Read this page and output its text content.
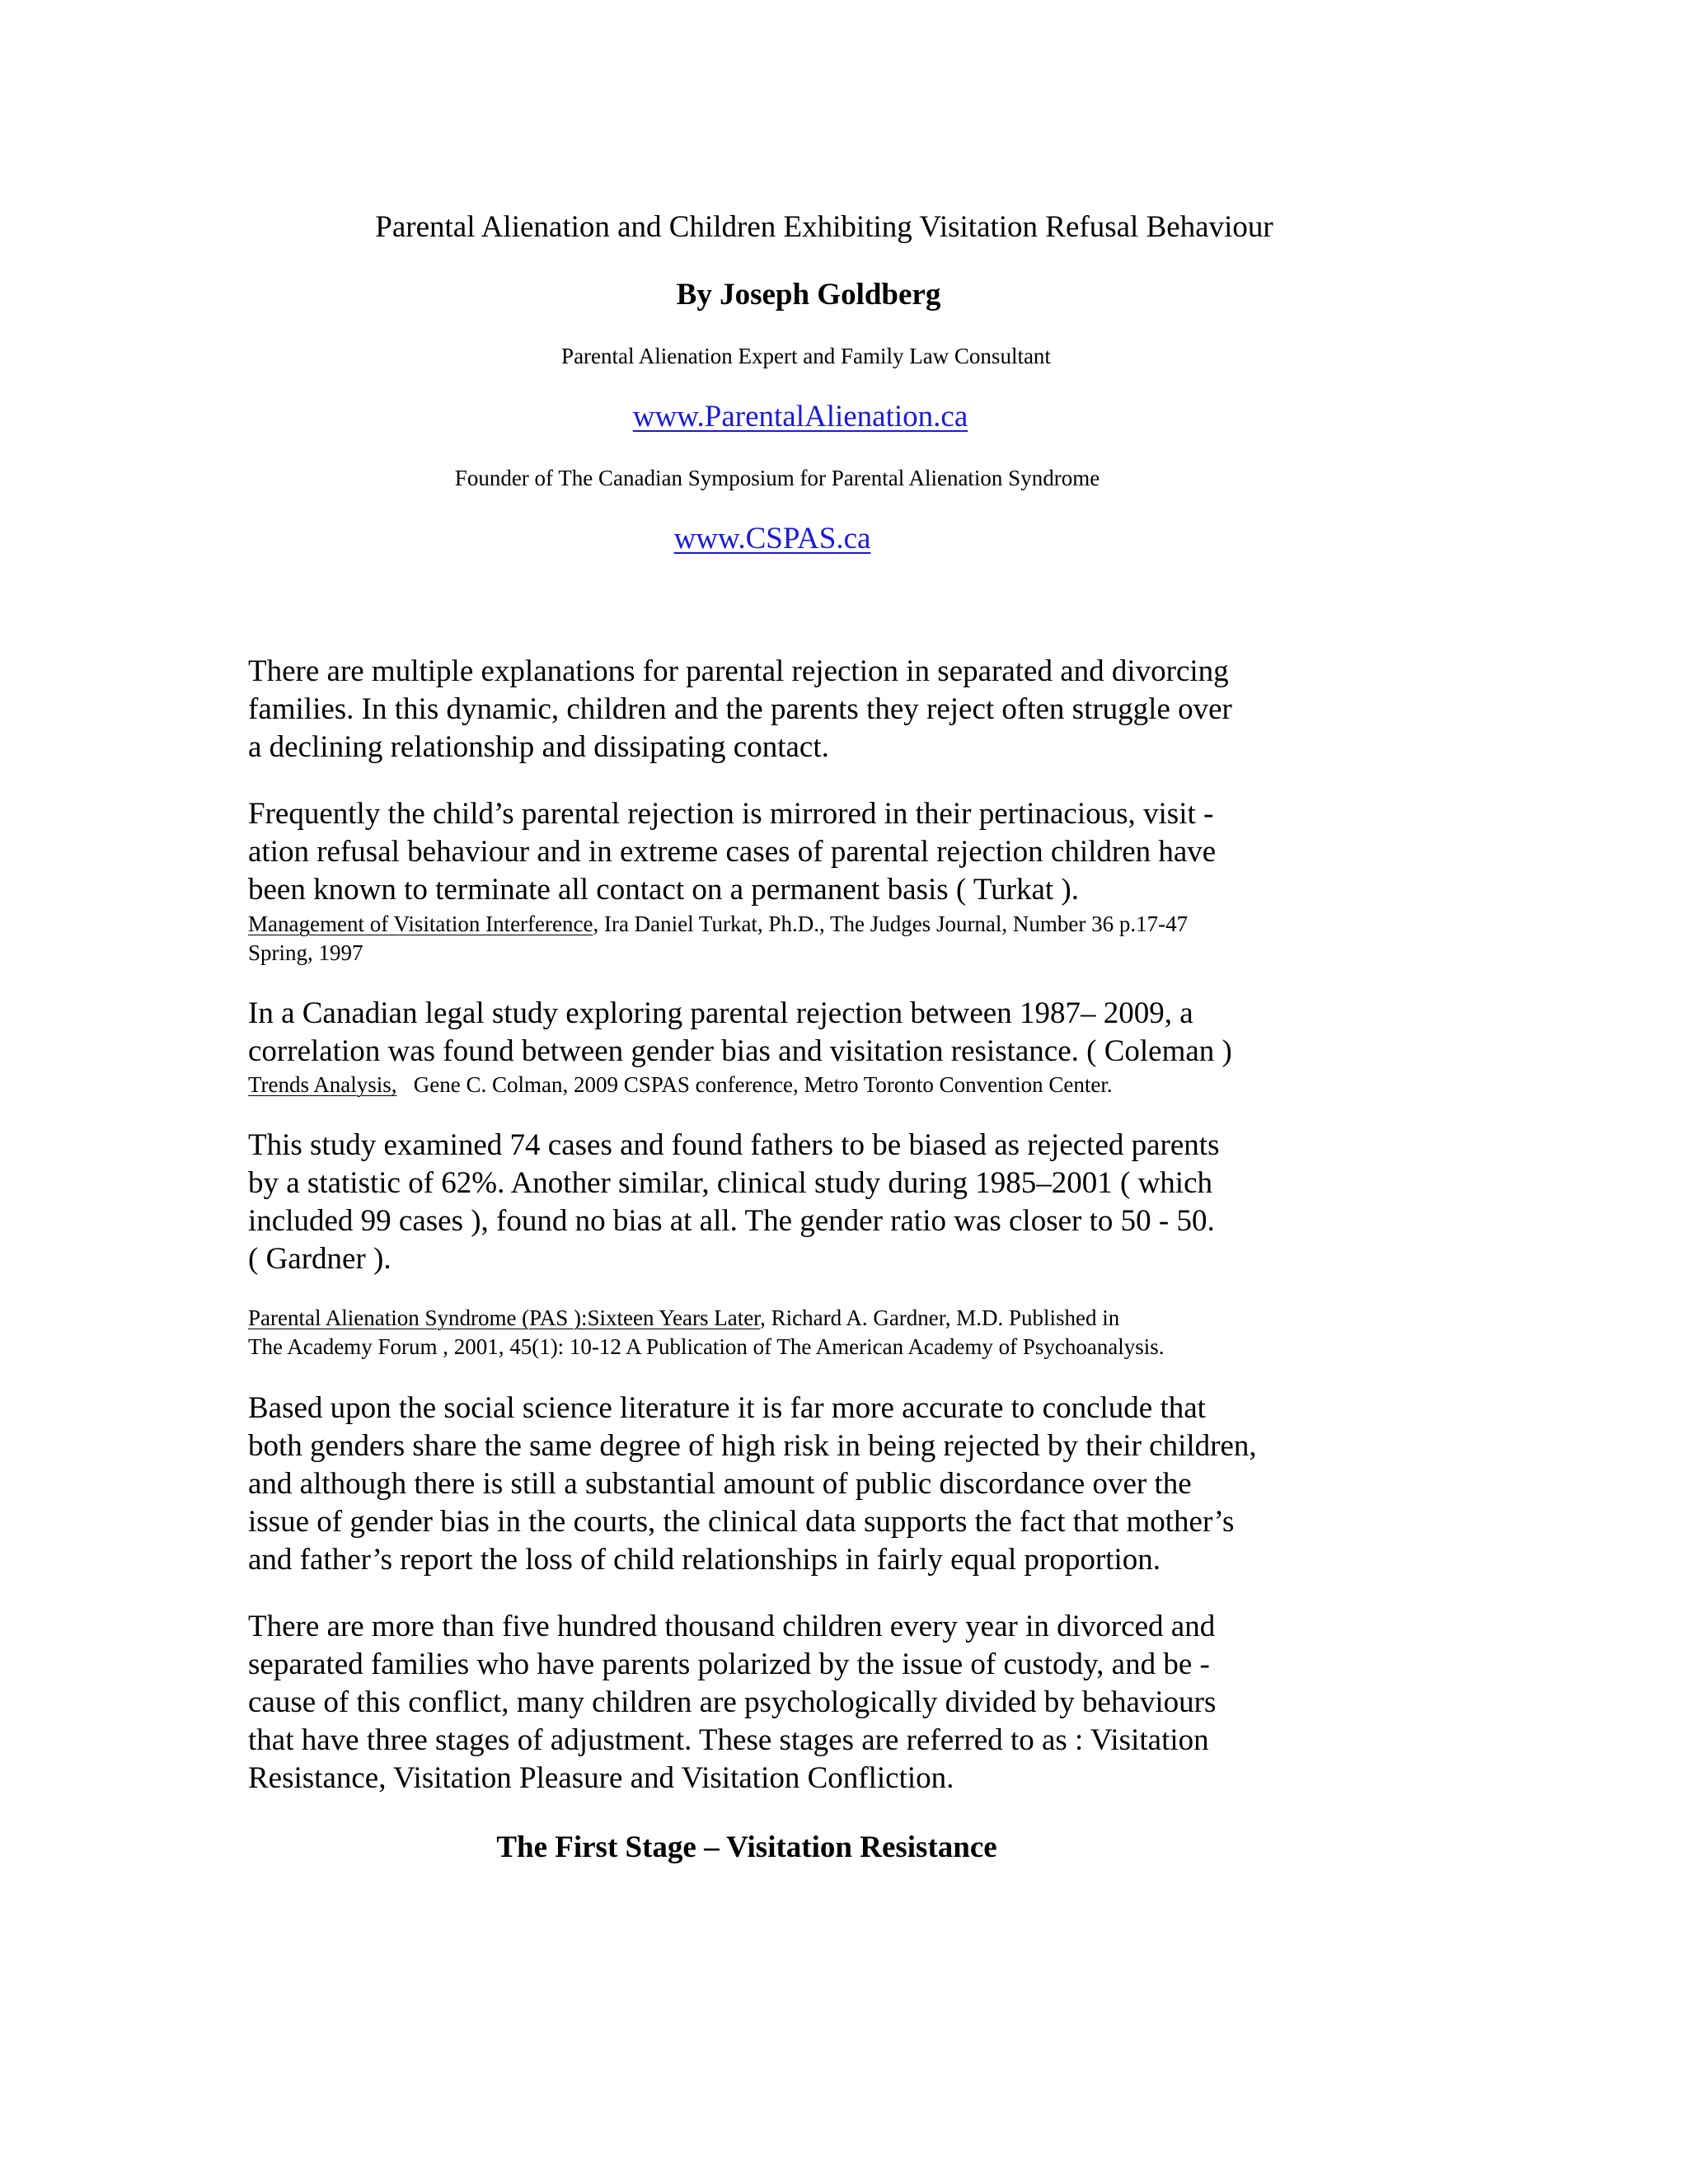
Parental Alienation and Children Exhibiting Visitation Refusal Behaviour
By Joseph Goldberg
Parental Alienation Expert and Family Law Consultant
www.ParentalAlienation.ca
Founder of The Canadian Symposium for Parental Alienation Syndrome
www.CSPAS.ca
There are multiple explanations for parental rejection in separated and divorcing
families. In this dynamic, children and the parents they reject often struggle over
a declining relationship and dissipating contact.
Frequently the child’s parental rejection is mirrored in their pertinacious, visit -
ation refusal behaviour and in extreme cases of parental rejection children have
been known to terminate all contact on a permanent basis ( Turkat ).
Management of Visitation Interference, Ira Daniel Turkat, Ph.D., The Judges Journal, Number 36 p.17-47
Spring, 1997
In a Canadian legal study exploring parental rejection between 1987– 2009, a
correlation was found between gender bias and visitation resistance. ( Coleman )
Trends Analysis,   Gene C. Colman, 2009 CSPAS conference, Metro Toronto Convention Center.
This study examined 74 cases and found fathers to be biased as rejected parents
by a statistic of 62%. Another similar, clinical study during 1985–2001 ( which
included 99 cases ), found no bias at all. The gender ratio was closer to 50 - 50.
( Gardner ).
Parental Alienation Syndrome (PAS ):Sixteen Years Later, Richard A. Gardner, M.D. Published in
The Academy Forum , 2001, 45(1): 10-12 A Publication of The American Academy of Psychoanalysis.
Based upon the social science literature it is far more accurate to conclude that
both genders share the same degree of high risk in being rejected by their children,
and although there is still a substantial amount of public discordance over the
issue of gender bias in the courts, the clinical data supports the fact that mother’s
and father’s report the loss of child relationships in fairly equal proportion.
There are more than five hundred thousand children every year in divorced and
separated families who have parents polarized by the issue of custody, and be -
cause of this conflict, many children are psychologically divided by behaviours
that have three stages of adjustment. These stages are referred to as : Visitation
Resistance, Visitation Pleasure and Visitation Confliction.
The First Stage – Visitation Resistance
